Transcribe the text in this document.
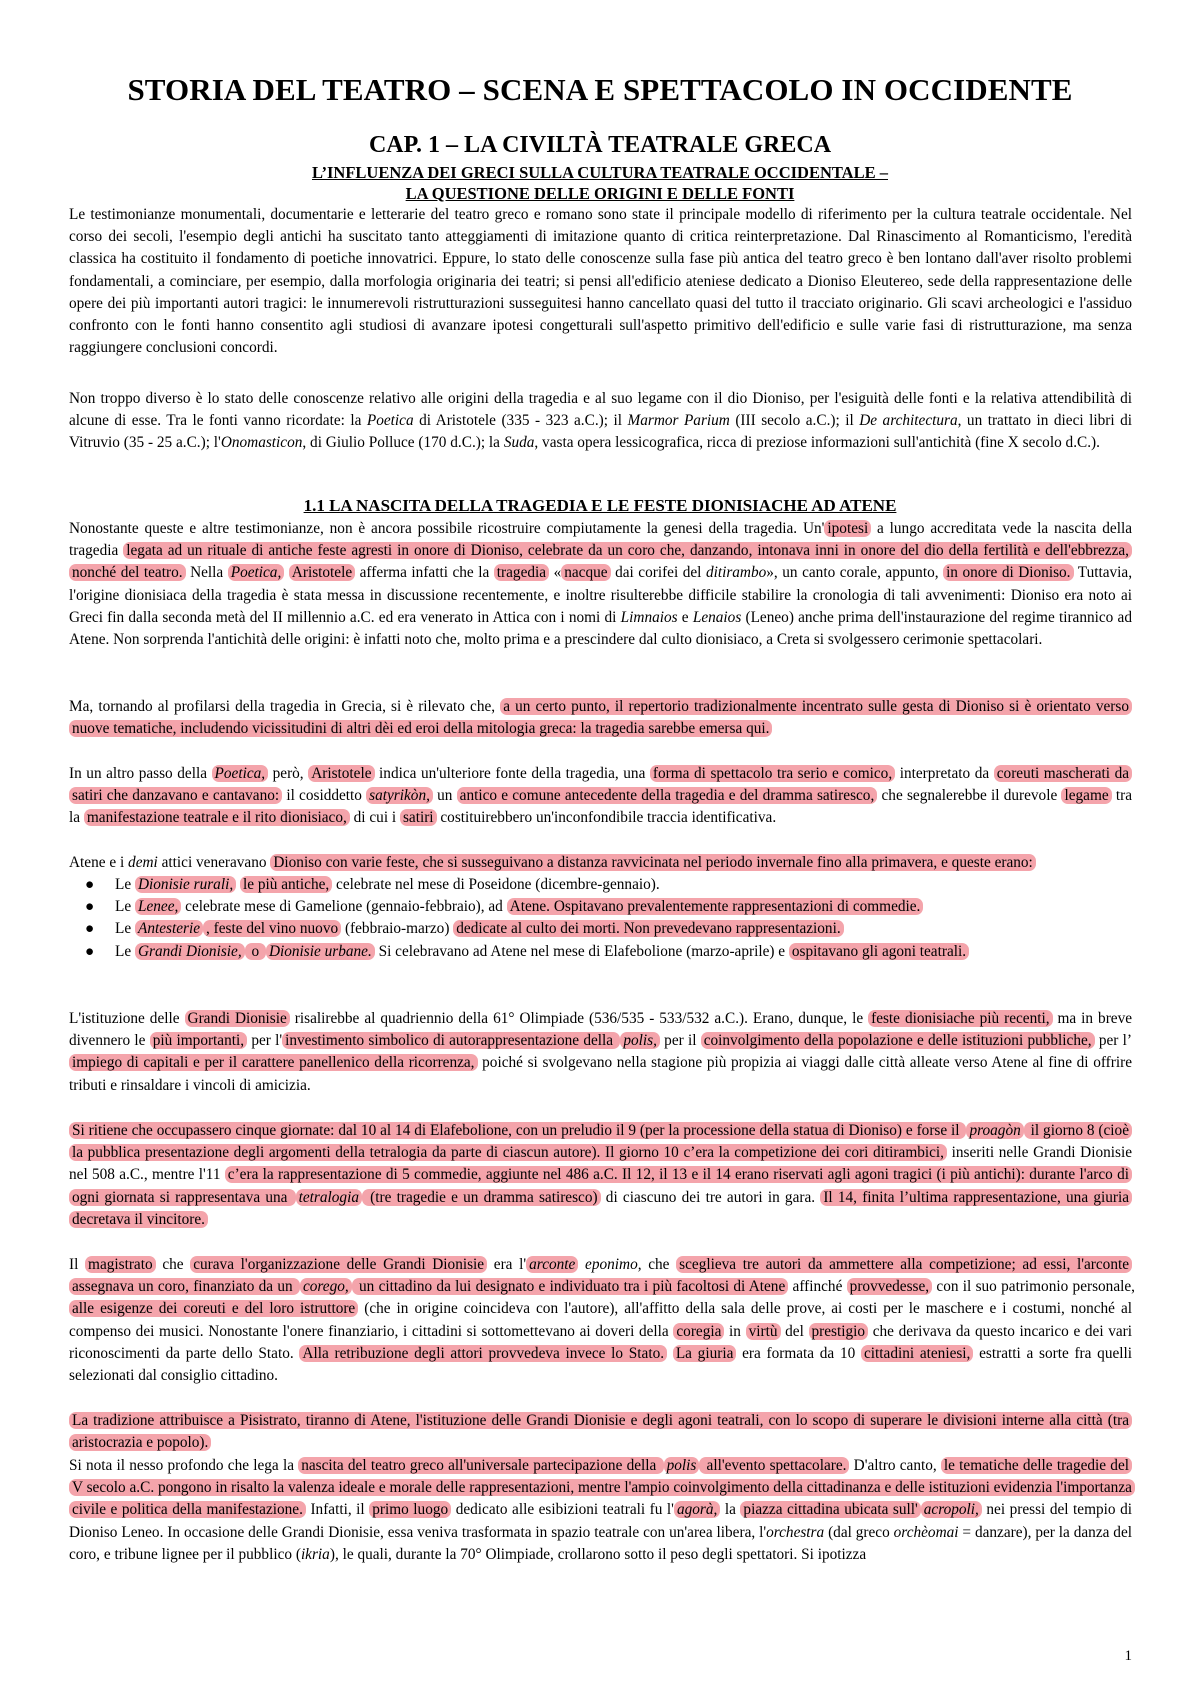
STORIA DEL TEATRO – SCENA E SPETTACOLO IN OCCIDENTE
CAP. 1 – LA CIVILTÀ TEATRALE GRECA
L’INFLUENZA DEI GRECI SULLA CULTURA TEATRALE OCCIDENTALE –
LA QUESTIONE DELLE ORIGINI E DELLE FONTI

Le testimonianze monumentali, documentarie e letterarie del teatro greco e romano sono state il principale modello di riferimento per la cultura teatrale occidentale. Nel corso dei secoli, l'esempio degli antichi ha suscitato tanto atteggiamenti di imitazione quanto di critica reinterpretazione. Dal Rinascimento al Romanticismo, l'eredità classica ha costituito il fondamento di poetiche innovatrici. Eppure, lo stato delle conoscenze sulla fase più antica del teatro greco è ben lontano dall'aver risolto problemi fondamentali, a cominciare, per esempio, dalla morfologia originaria dei teatri; si pensi all'edificio ateniese dedicato a Dioniso Eleutereo, sede della rappresentazione delle opere dei più importanti autori tragici: le innumerevoli ristrutturazioni susseguitesi hanno cancellato quasi del tutto il tracciato originario. Gli scavi archeologici e l'assiduo confronto con le fonti hanno consentito agli studiosi di avanzare ipotesi congetturali sull'aspetto primitivo dell'edificio e sulle varie fasi di ristrutturazione, ma senza raggiungere conclusioni concordi.

Non troppo diverso è lo stato delle conoscenze relativo alle origini della tragedia e al suo legame con il dio Dioniso, per l'esiguità delle fonti e la relativa attendibilità di alcune di esse. Tra le fonti vanno ricordate: la Poetica di Aristotele (335 - 323 a.C.); il Marmor Parium (III secolo a.C.); il De architectura, un trattato in dieci libri di Vitruvio (35 - 25 a.C.); l'Onomasticon, di Giulio Polluce (170 d.C.); la Suda, vasta opera lessicografica, ricca di preziose informazioni sull'antichità (fine X secolo d.C.).

1.1 LA NASCITA DELLA TRAGEDIA E LE FESTE DIONISIACHE AD ATENE

Nonostante queste e altre testimonianze, non è ancora possibile ricostruire compiutamente la genesi della tragedia. Un' ipotesi a lungo accreditata vede la nascita della tragedia legata ad un rituale di antiche feste agresti in onore di Dioniso, celebrate da un coro che, danzando, intonava inni in onore del dio della fertilità e dell'ebbrezza, nonché del teatro. Nella Poetica, Aristotele afferma infatti che la tragedia « nacque dai corifei del ditirambo», un canto corale, appunto, in onore di Dioniso. Tuttavia, l'origine dionisiaca della tragedia è stata messa in discussione recentemente, e inoltre risulterebbe difficile stabilire la cronologia di tali avvenimenti: Dioniso era noto ai Greci fin dalla seconda metà del II millennio a.C. ed era venerato in Attica con i nomi di Limnaios e Lenaios (Leneo) anche prima dell'instaurazione del regime tirannico ad Atene. Non sorprenda l'antichità delle origini: è infatti noto che, molto prima e a prescindere dal culto dionisiaco, a Creta si svolgessero cerimonie spettacolari.

Ma, tornando al profilarsi della tragedia in Grecia, si è rilevato che, a un certo punto, il repertorio tradizionalmente incentrato sulle gesta di Dioniso si è orientato verso nuove tematiche, includendo vicissitudini di altri dèi ed eroi della mitologia greca: la tragedia sarebbe emersa qui.

In un altro passo della Poetica, però, Aristotele indica un'ulteriore fonte della tragedia, una forma di spettacolo tra serio e comico, interpretato da coreuti mascherati da satiri che danzavano e cantavano: il cosiddetto satyrikòn, un antico e comune antecedente della tragedia e del dramma satiresco, che segnalerebbe il durevole legame tra la manifestazione teatrale e il rito dionisiaco, di cui i satiri costituirebbero un'inconfondibile traccia identificativa.

Atene e i demi attici veneravano Dioniso con varie feste, che si susseguivano a distanza ravvicinata nel periodo invernale fino alla primavera, e queste erano:

● Le Dionisie rurali, le più antiche, celebrate nel mese di Poseidone (dicembre-gennaio).
● Le Lenee, celebrate mese di Gamelione (gennaio-febbraio), ad Atene. Ospitavano prevalentemente rappresentazioni di commedie.
● Le Antesterie , feste del vino nuovo (febbraio-marzo) dedicate al culto dei morti. Non prevedevano rappresentazioni.
● Le Grandi Dionisie, o Dionisie urbane. Si celebravano ad Atene nel mese di Elafebolione (marzo-aprile) e ospitavano gli agoni teatrali.

L'istituzione delle Grandi Dionisie risalirebbe al quadriennio della 61° Olimpiade (536/535 - 533/532 a.C.). Erano, dunque, le feste dionisiache più recenti, ma in breve divennero le più importanti, per l' investimento simbolico di autorappresentazione della polis, per il coinvolgimento della popolazione e delle istituzioni pubbliche, per l’ impiego di capitali e per il carattere panellenico della ricorrenza, poiché si svolgevano nella stagione più propizia ai viaggi dalle città alleate verso Atene al fine di offrire tributi e rinsaldare i vincoli di amicizia.

Si ritiene che occupassero cinque giornate: dal 10 al 14 di Elafebolione, con un preludio il 9 (per la processione della statua di Dioniso) e forse il proagòn il giorno 8 (cioè la pubblica presentazione degli argomenti della tetralogia da parte di ciascun autore). Il giorno 10 c’era la competizione dei cori ditirambici, inseriti nelle Grandi Dionisie nel 508 a.C., mentre l'11 c’era la rappresentazione di 5 commedie, aggiunte nel 486 a.C. Il 12, il 13 e il 14 erano riservati agli agoni tragici (i più antichi): durante l'arco di ogni giornata si rappresentava una tetralogia (tre tragedie e un dramma satiresco) di ciascuno dei tre autori in gara. Il 14, finita l’ultima rappresentazione, una giuria decretava il vincitore.

Il magistrato che curava l'organizzazione delle Grandi Dionisie era l' arconte eponimo, che sceglieva tre autori da ammettere alla competizione; ad essi, l'arconte assegnava un coro, finanziato da un corego, un cittadino da lui designato e individuato tra i più facoltosi di Atene affinché provvedesse, con il suo patrimonio personale, alle esigenze dei coreuti e del loro istruttore (che in origine coincideva con l'autore), all'affitto della sala delle prove, ai costi per le maschere e i costumi, nonché al compenso dei musici. Nonostante l'onere finanziario, i cittadini si sottomettevano ai doveri della coregia in virtù del prestigio che derivava da questo incarico e dei vari riconoscimenti da parte dello Stato. Alla retribuzione degli attori provvedeva invece lo Stato. La giuria era formata da 10 cittadini ateniesi, estratti a sorte fra quelli selezionati dal consiglio cittadino.

La tradizione attribuisce a Pisistrato, tiranno di Atene, l'istituzione delle Grandi Dionisie e degli agoni teatrali, con lo scopo di superare le divisioni interne alla città (tra aristocrazia e popolo).

Si nota il nesso profondo che lega la nascita del teatro greco all'universale partecipazione della polis all'evento spettacolare. D'altro canto, le tematiche delle tragedie del V secolo a.C. pongono in risalto la valenza ideale e morale delle rappresentazioni, mentre l'ampio coinvolgimento della cittadinanza e delle istituzioni evidenzia l'importanza civile e politica della manifestazione. Infatti, il primo luogo dedicato alle esibizioni teatrali fu l' agorà, la piazza cittadina ubicata sull' acropoli, nei pressi del tempio di Dioniso Leneo. In occasione delle Grandi Dionisie, essa veniva trasformata in spazio teatrale con un'area libera, l'orchestra (dal greco orchèomai = danzare), per la danza del coro, e tribune lignee per il pubblico (ikria), le quali, durante la 70° Olimpiade, crollarono sotto il peso degli spettatori. Si ipotizza

1
